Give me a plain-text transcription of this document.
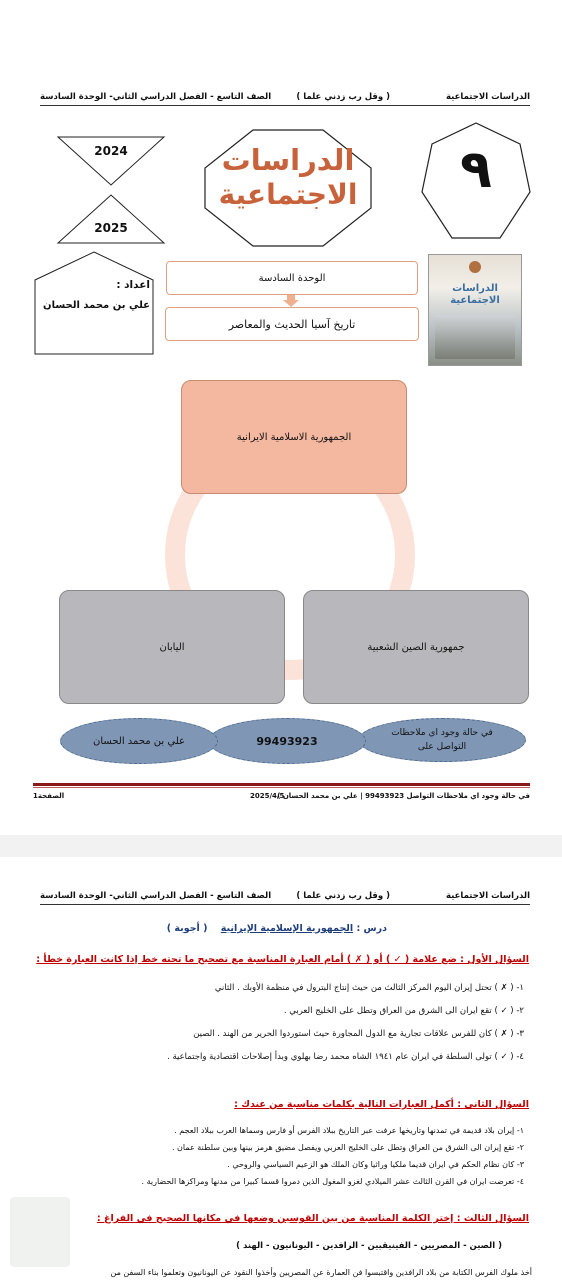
الدراسات الاجتماعية
( وقل رب زدني علما )
الصف التاسع - الفصل الدراسي الثاني- الوحدة السادسة
2024
2025
الدراسات
الاجتماعية	٩
اعداد :
علي بن محمد الحسان
الوحدة السادسة
تاريخ آسيا الحديث والمعاصر
الدراسات الاجتماعية
الجمهورية الاسلامية الايرانية
جمهورية الصين الشعبية
اليابان
في حالة وجود اي ملاحظات التواصل على
99493923
علي بن محمد الحسان
الصفحة1	2025/4/5
في حالة وجود اي ملاحظات التواصل 99493923 | علي بن محمد الحسان )
الدراسات الاجتماعية
( وقل رب زدني علما )
الصف التاسع - الفصل الدراسي الثاني- الوحدة السادسة
درس : الجمهورية الإسلامية الإيرانية ( أجوبة )
السؤال الأول : ضع علامة ( ✓ ) أو ( ✗ ) أمام العبارة المناسبة مع تصحيح ما تحته خط إذا كانت العبارة خطأ :
١- ( ✗ ) تحتل إيران اليوم المركز الثالث من حيث إنتاج البترول في منظمة الأوبك . الثاني
٢- ( ✓ ) تقع ايران الى الشرق من العراق وتطل على الخليج العربي .
٣- ( ✗ ) كان للفرس علاقات تجارية مع الدول المجاورة حيث استوردوا الحرير من الهند . الصين
٤- ( ✓ ) تولى السلطة في ايران عام ١٩٤١ الشاه محمد رضا بهلوي وبدأ إصلاحات اقتصادية واجتماعية .
السؤال الثاني : أكمل العبارات التالية بكلمات مناسبة من عندك :
١- إيران بلاد قديمة في تمدنها وتاريخها عرفت عبر التاريخ ببلاد الفرس أو فارس وسماها العرب ببلاد العجم .
٢- تقع إيران الى الشرق من العراق وتطل على الخليج العربي ويفصل مضيق هرمز بينها وبين سلطنة عمان .
٣- كان نظام الحكم في ايران قديما ملكيا وراثيا وكان الملك هو الزعيم السياسي والروحي .
٤- تعرضت ايران في القرن الثالث عشر الميلادي لغزو المغول الذين دمروا قسما كبيرا من مدنها ومراكزها الحضارية .
السؤال الثالث : إختر الكلمة المناسبة من بين القوسين وضعها في مكانها الصحيح في الفراغ :
( الصين - المصريين - الفينيقيين - الرافدين - اليونانيون - الهند )
أخذ ملوك الفرس الكتابة من بلاد الرافدين واقتبسوا فن العمارة عن المصريين وأخذوا النقود عن اليونانيون وتعلموا بناء السفن من
